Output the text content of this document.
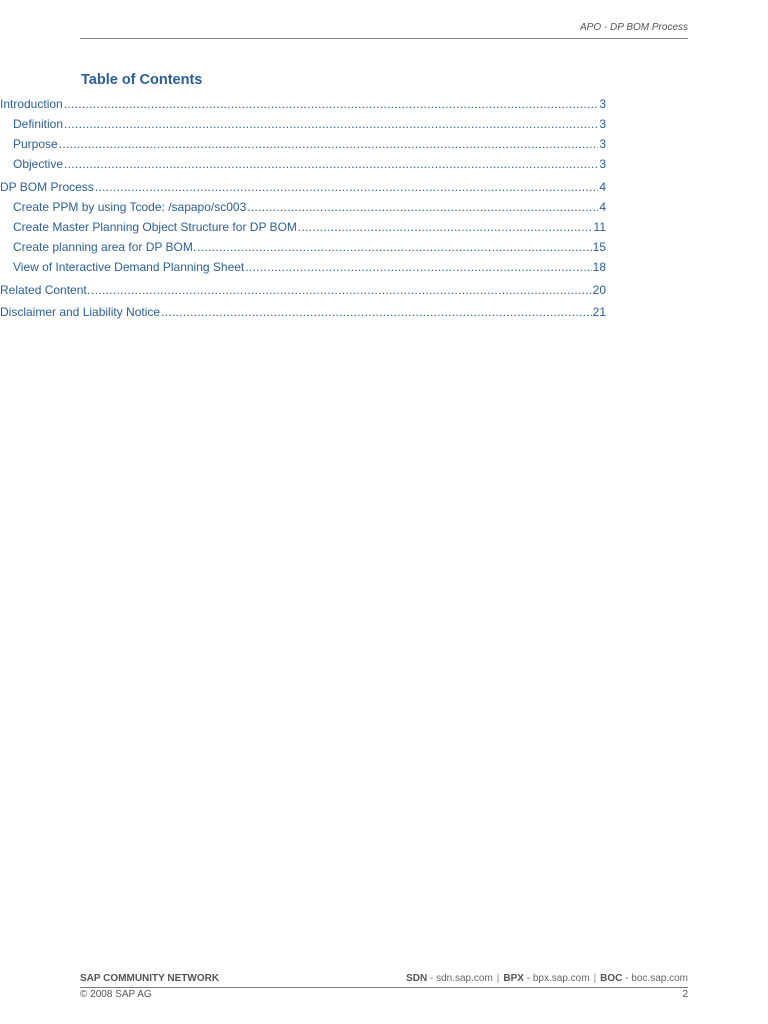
APO - DP BOM Process
Table of Contents
Introduction .....	3
Definition .....	3
Purpose .....	3
Objective .....	3
DP BOM Process .....	4
Create PPM by using Tcode: /sapapo/sc003 .....	4
Create Master Planning Object Structure for DP BOM .....	11
Create planning area for DP BOM. .....	15
View of Interactive Demand Planning Sheet .....	18
Related Content. .....	20
Disclaimer and Liability Notice .....	21
SAP COMMUNITY NETWORK	SDN - sdn.sap.com | BPX - bpx.sap.com | BOC - boc.sap.com
© 2008 SAP AG	2
